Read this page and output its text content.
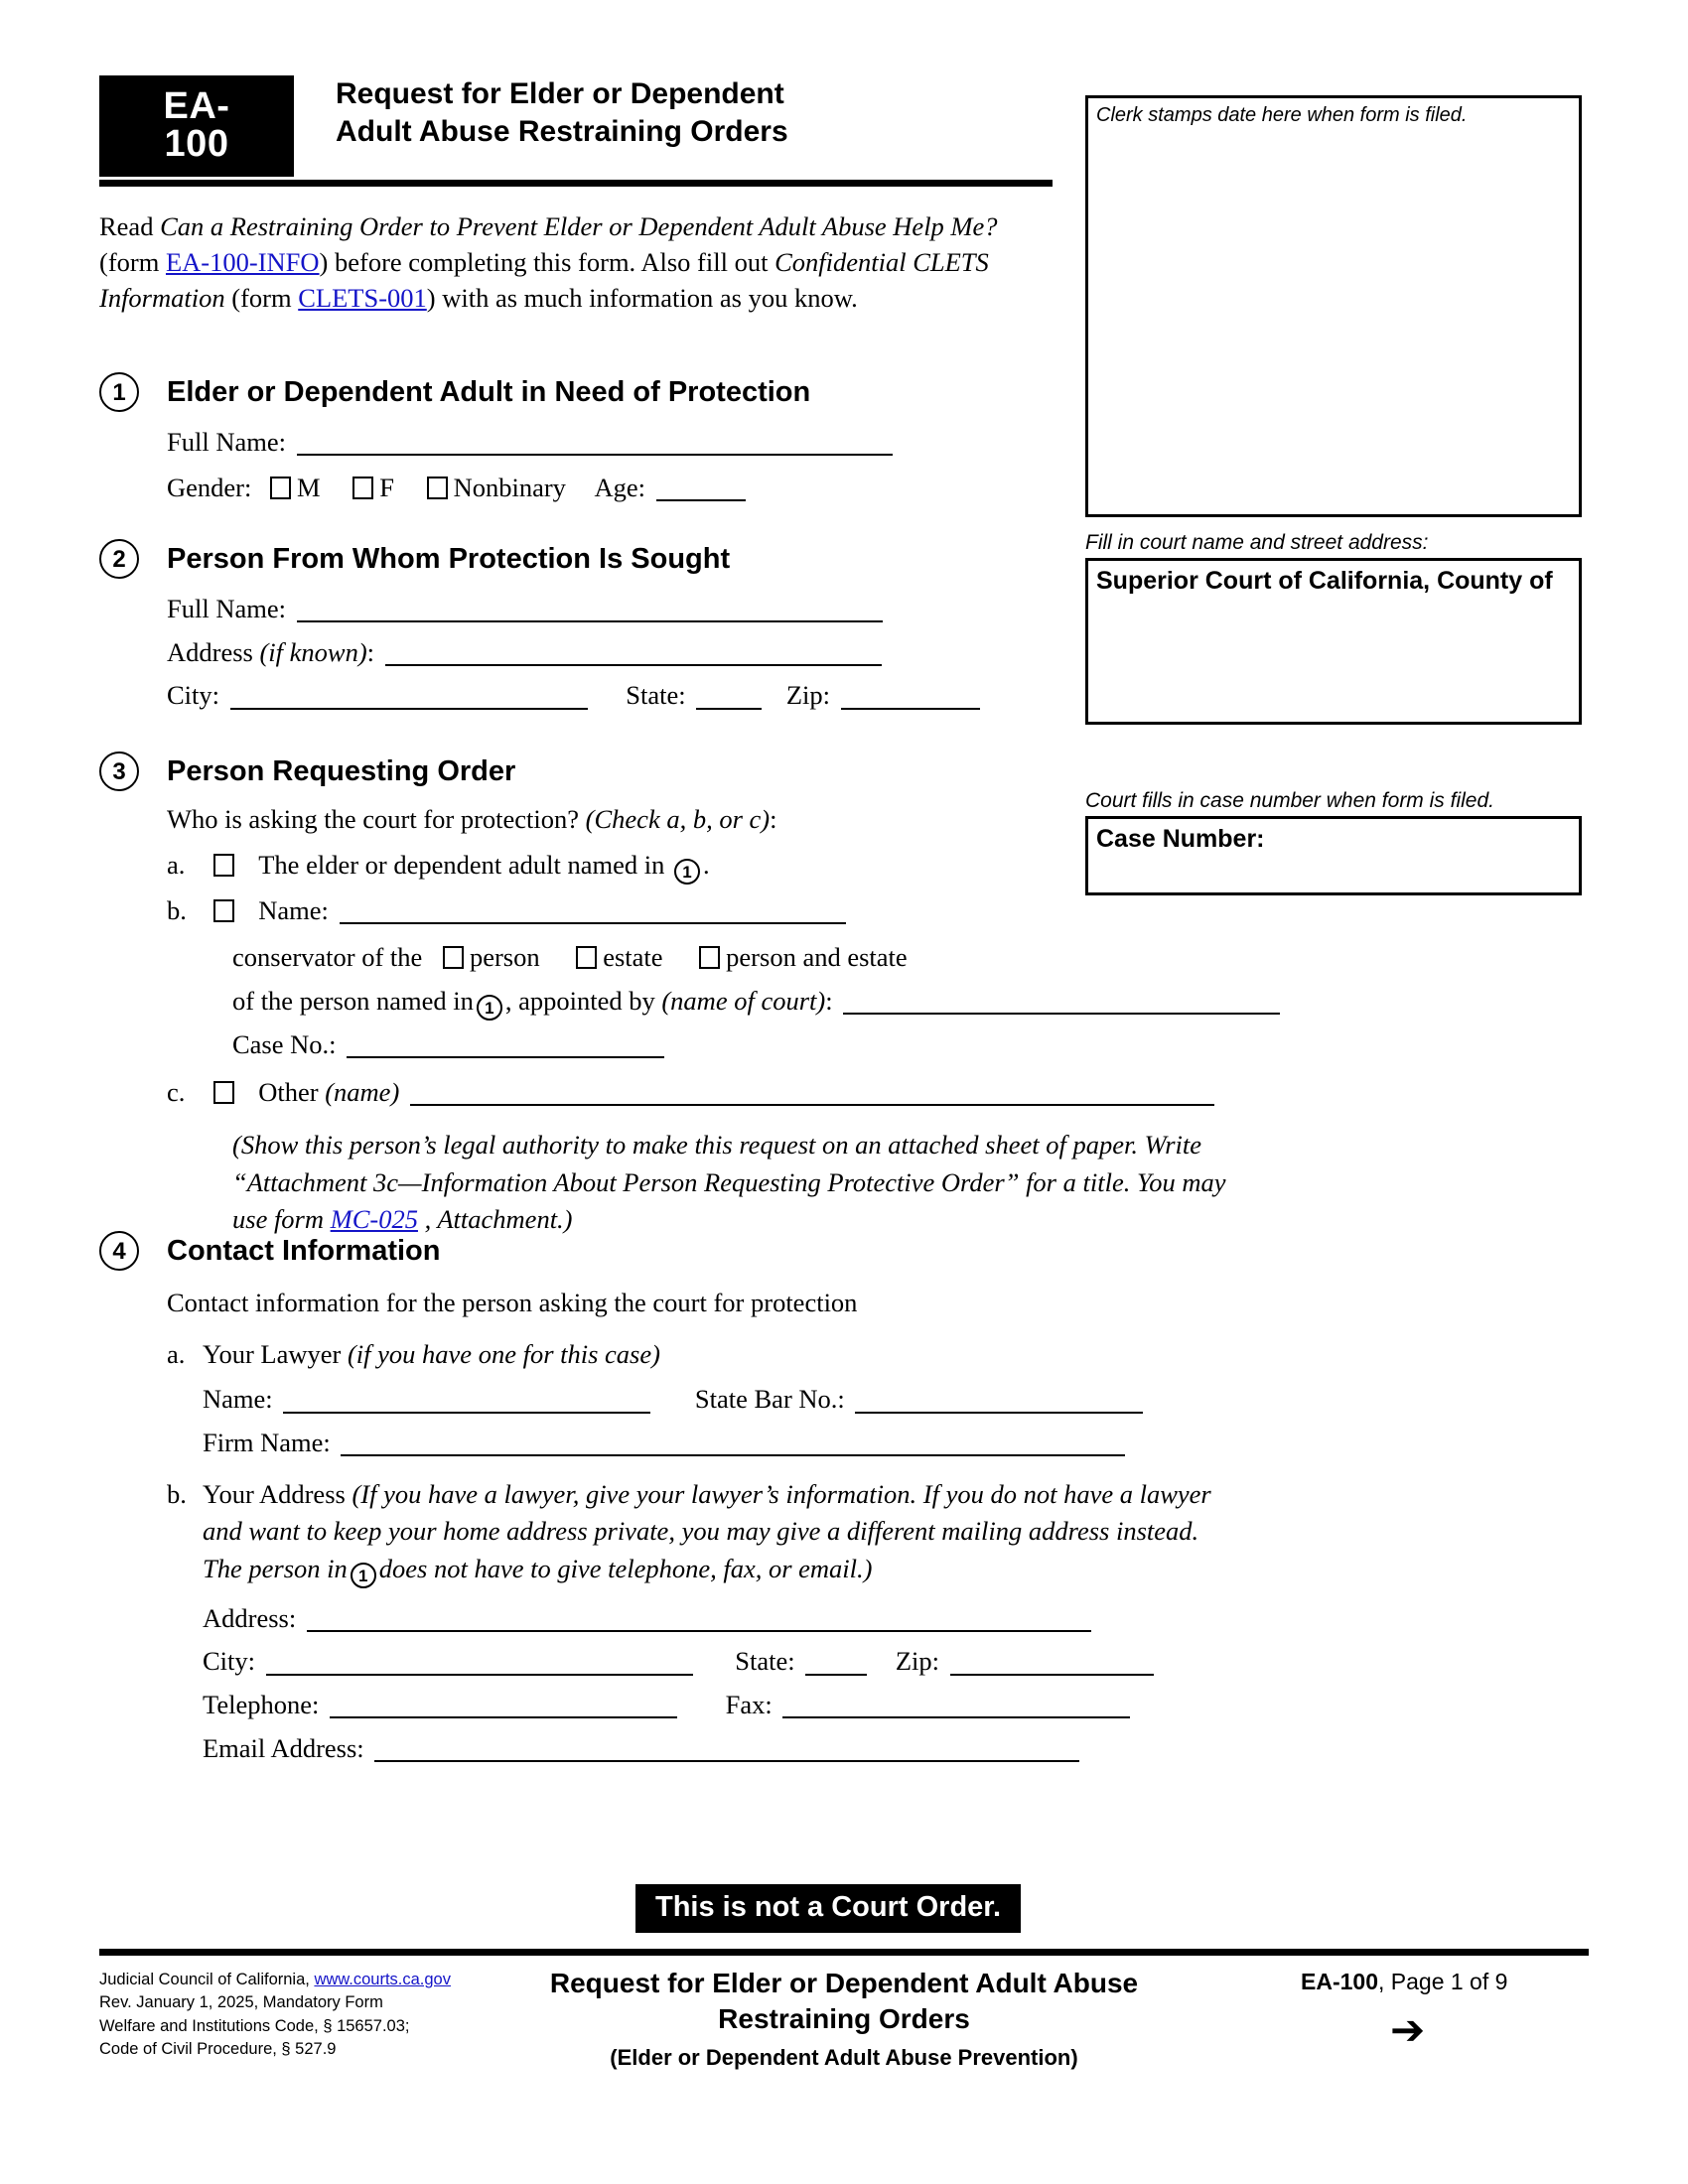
EA-100
Request for Elder or Dependent
Adult Abuse Restraining Orders
Read Can a Restraining Order to Prevent Elder or Dependent Adult Abuse Help Me? (form EA-100-INFO) before completing this form. Also fill out Confidential CLETS Information (form CLETS-001) with as much information as you know.
1	Elder or Dependent Adult in Need of Protection
Full Name:
Gender: M F Nonbinary Age:
2	Person From Whom Protection Is Sought
Full Name:
Address (if known):
City:	State:	Zip:
3	Person Requesting Order
Who is asking the court for protection? (Check a, b, or c):
a.	The elder or dependent adult named in 1 .
b.	Name:
conservator of the person estate person and estate
of the person named in 1 , appointed by (name of court):
Case No.:
c.	Other (name)
(Show this person’s legal authority to make this request on an attached sheet of paper. Write “Attachment 3c—Information About Person Requesting Protective Order” for a title. You may use form MC-025 , Attachment.)
4	Contact Information
Contact information for the person asking the court for protection
a. Your Lawyer (if you have one for this case)
Name:	State Bar No.:
Firm Name:
b. Your Address (If you have a lawyer, give your lawyer’s information. If you do not have a lawyer and want to keep your home address private, you may give a different mailing address instead. The person in 1 does not have to give telephone, fax, or email.)
Address:
City:	State:	Zip:
Telephone:	Fax:
Email Address:
Clerk stamps date here when form is filed.
Fill in court name and street address:
Superior Court of California, County of
Court fills in case number when form is filed.
Case Number:
This is not a Court Order.
Judicial Council of California, www.courts.ca.gov
Rev. January 1, 2025, Mandatory Form
Welfare and Institutions Code, § 15657.03;
Code of Civil Procedure, § 527.9
Request for Elder or Dependent Adult Abuse
Restraining Orders
(Elder or Dependent Adult Abuse Prevention)
EA-100, Page 1 of 9
➔
